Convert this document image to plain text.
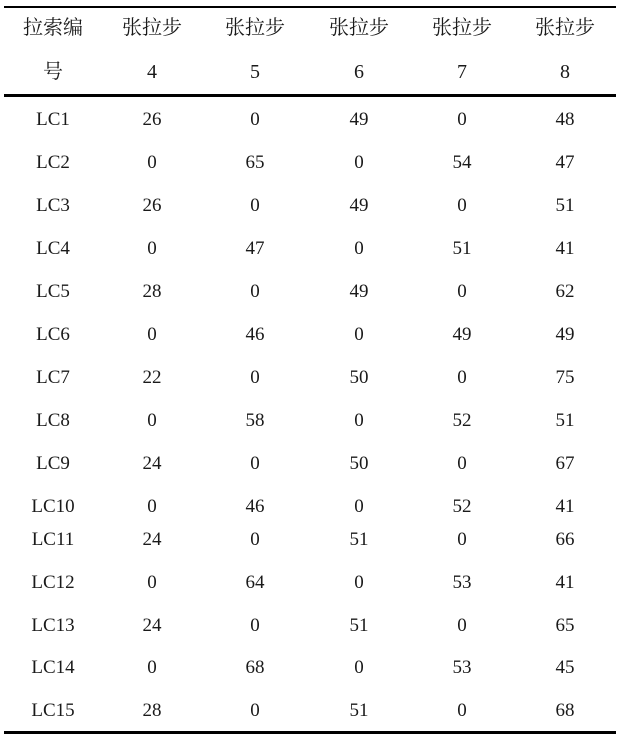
拉索编	张拉步	张拉步	张拉步	张拉步	张拉步
号	4	5	6	7	8
LC1	26	0	49	0	48
LC2	0	65	0	54	47
LC3	26	0	49	0	51
LC4	0	47	0	51	41
LC5	28	0	49	0	62
LC6	0	46	0	49	49
LC7	22	0	50	0	75
LC8	0	58	0	52	51
LC9	24	0	50	0	67
LC10	0	46	0	52	41
LC11	24	0	51	0	66
LC12	0	64	0	53	41
LC13	24	0	51	0	65
LC14	0	68	0	53	45
LC15	28	0	51	0	68
